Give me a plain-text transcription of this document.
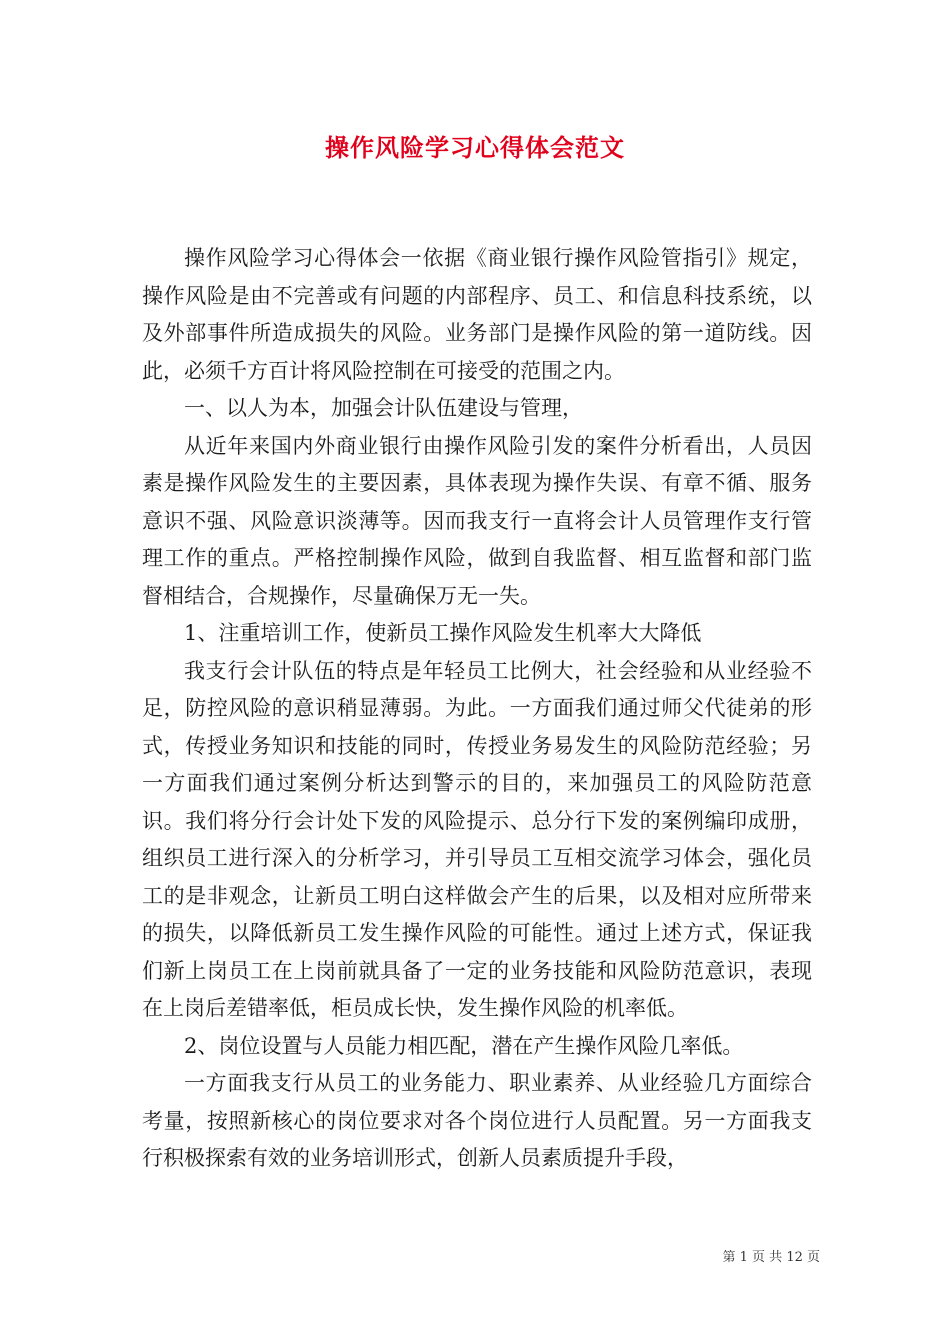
操作风险学习心得体会范文

操作风险学习心得体会一依据《商业银行操作风险管指引》规定，操作风险是由不完善或有问题的内部程序、员工、和信息科技系统，以及外部事件所造成损失的风险。业务部门是操作风险的第一道防线。因此，必须千方百计将风险控制在可接受的范围之内。

一、以人为本，加强会计队伍建设与管理，

从近年来国内外商业银行由操作风险引发的案件分析看出，人员因素是操作风险发生的主要因素，具体表现为操作失误、有章不循、服务意识不强、风险意识淡薄等。因而我支行一直将会计人员管理作支行管理工作的重点。严格控制操作风险，做到自我监督、相互监督和部门监督相结合，合规操作，尽量确保万无一失。

1、注重培训工作，使新员工操作风险发生机率大大降低

我支行会计队伍的特点是年轻员工比例大，社会经验和从业经验不足，防控风险的意识稍显薄弱。为此。一方面我们通过师父代徒弟的形式，传授业务知识和技能的同时，传授业务易发生的风险防范经验；另一方面我们通过案例分析达到警示的目的，来加强员工的风险防范意识。我们将分行会计处下发的风险提示、总分行下发的案例编印成册，组织员工进行深入的分析学习，并引导员工互相交流学习体会，强化员工的是非观念，让新员工明白这样做会产生的后果，以及相对应所带来的损失，以降低新员工发生操作风险的可能性。通过上述方式，保证我们新上岗员工在上岗前就具备了一定的业务技能和风险防范意识，表现在上岗后差错率低，柜员成长快，发生操作风险的机率低。

2、岗位设置与人员能力相匹配，潜在产生操作风险几率低。

一方面我支行从员工的业务能力、职业素养、从业经验几方面综合考量，按照新核心的岗位要求对各个岗位进行人员配置。另一方面我支行积极探索有效的业务培训形式，创新人员素质提升手段，

第 1 页 共 12 页
